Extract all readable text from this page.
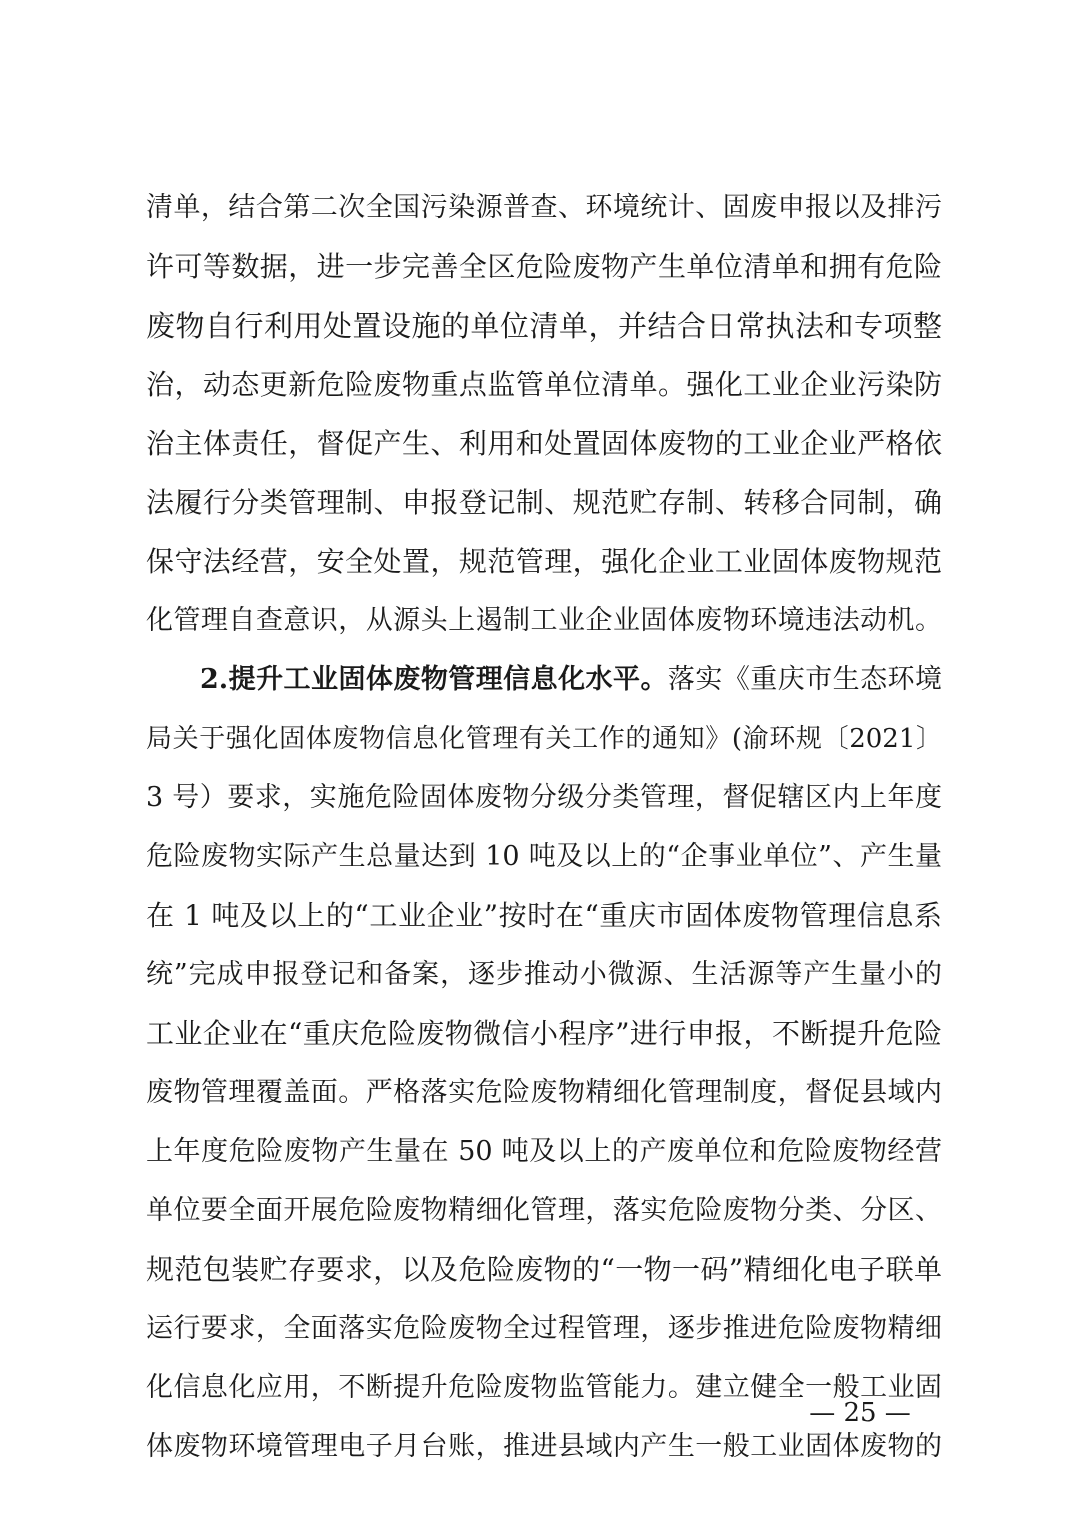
清单，结合第二次全国污染源普查、环境统计、固废申报以及排污
许可等数据，进一步完善全区危险废物产生单位清单和拥有危险
废物自行利用处置设施的单位清单，并结合日常执法和专项整
治，动态更新危险废物重点监管单位清单。强化工业企业污染防
治主体责任，督促产生、利用和处置固体废物的工业企业严格依
法履行分类管理制、申报登记制、规范贮存制、转移合同制，确
保守法经营，安全处置，规范管理，强化企业工业固体废物规范
化管理自查意识，从源头上遏制工业企业固体废物环境违法动机。
2.提升工业固体废物管理信息化水平。落实《重庆市生态环境
局关于强化固体废物信息化管理有关工作的通知》(渝环规〔2021〕
3 号）要求，实施危险固体废物分级分类管理，督促辖区内上年度
危险废物实际产生总量达到 10 吨及以上的“企事业单位”、产生量
在 1 吨及以上的“工业企业”按时在“重庆市固体废物管理信息系
统”完成申报登记和备案，逐步推动小微源、生活源等产生量小的
工业企业在“重庆危险废物微信小程序”进行申报，不断提升危险
废物管理覆盖面。严格落实危险废物精细化管理制度，督促县域内
上年度危险废物产生量在 50 吨及以上的产废单位和危险废物经营
单位要全面开展危险废物精细化管理，落实危险废物分类、分区、
规范包装贮存要求，以及危险废物的“一物一码”精细化电子联单
运行要求，全面落实危险废物全过程管理，逐步推进危险废物精细
化信息化应用，不断提升危险废物监管能力。建立健全一般工业固
体废物环境管理电子月台账，推进县域内产生一般工业固体废物的
— 25 —
